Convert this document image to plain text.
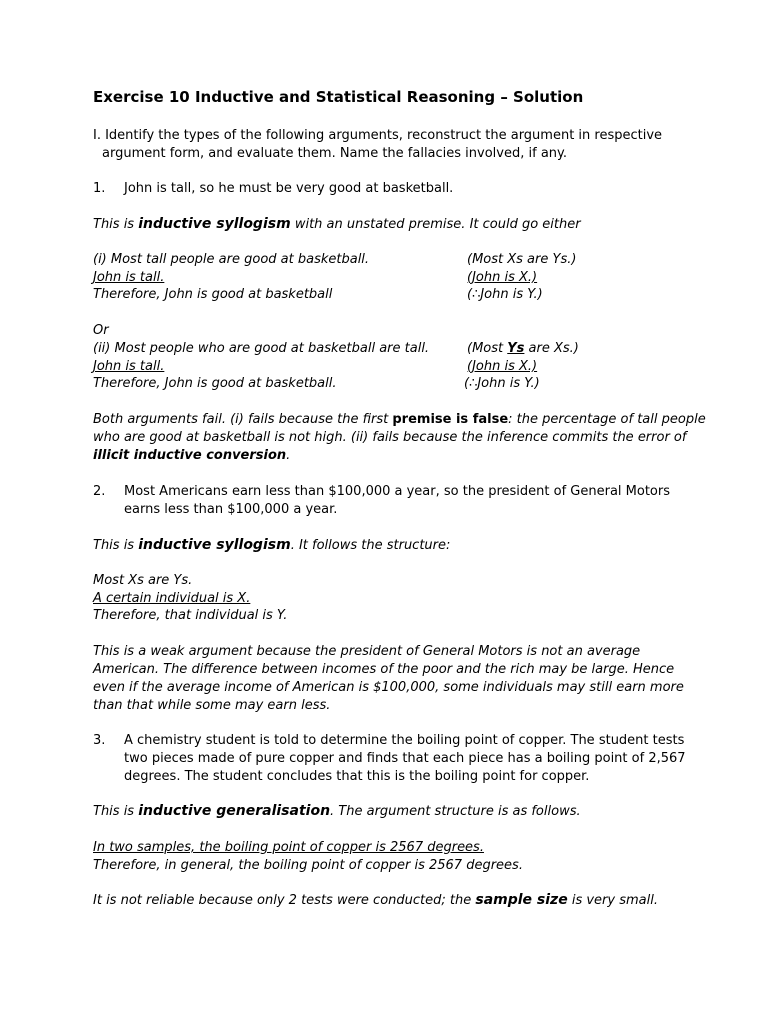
Exercise 10 Inductive and Statistical Reasoning – Solution
I. Identify the types of the following arguments, reconstruct the argument in respective
argument form, and evaluate them. Name the fallacies involved, if any.
1. John is tall, so he must be very good at basketball.
This is inductive syllogism with an unstated premise. It could go either
(i) Most tall people are good at basketball.	(Most Xs are Ys.)
John is tall.	(John is X.)
Therefore, John is good at basketball	(∴John is Y.)
Or
(ii) Most people who are good at basketball are tall.	(Most Ys are Xs.)
John is tall.	(John is X.)
Therefore, John is good at basketball.	(∴John is Y.)
Both arguments fail. (i) fails because the first premise is false: the percentage of tall people
who are good at basketball is not high. (ii) fails because the inference commits the error of
illicit inductive conversion.
2. Most Americans earn less than $100,000 a year, so the president of General Motors
earns less than $100,000 a year.
This is inductive syllogism. It follows the structure:
Most Xs are Ys.
A certain individual is X.
Therefore, that individual is Y.
This is a weak argument because the president of General Motors is not an average
American. The difference between incomes of the poor and the rich may be large. Hence
even if the average income of American is $100,000, some individuals may still earn more
than that while some may earn less.
3. A chemistry student is told to determine the boiling point of copper. The student tests
two pieces made of pure copper and finds that each piece has a boiling point of 2,567
degrees. The student concludes that this is the boiling point for copper.
This is inductive generalisation. The argument structure is as follows.
In two samples, the boiling point of copper is 2567 degrees.
Therefore, in general, the boiling point of copper is 2567 degrees.
It is not reliable because only 2 tests were conducted; the sample size is very small.
